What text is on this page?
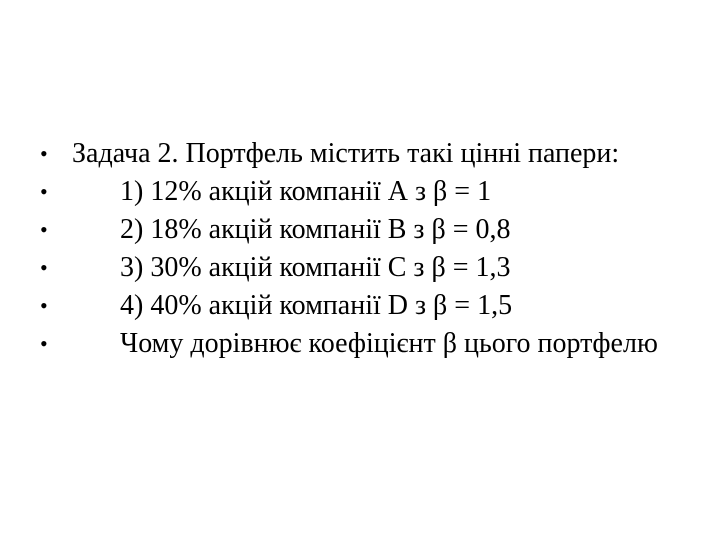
• Задача 2. Портфель містить такі цінні папери:
•	1) 12% акцій компанії А з β = 1
•	2) 18% акцій компанії В з β = 0,8
•	3) 30% акцій компанії С з β = 1,3
•	4) 40% акцій компанії D з β = 1,5
•	Чому дорівнює коефіцієнт β цього портфелю
